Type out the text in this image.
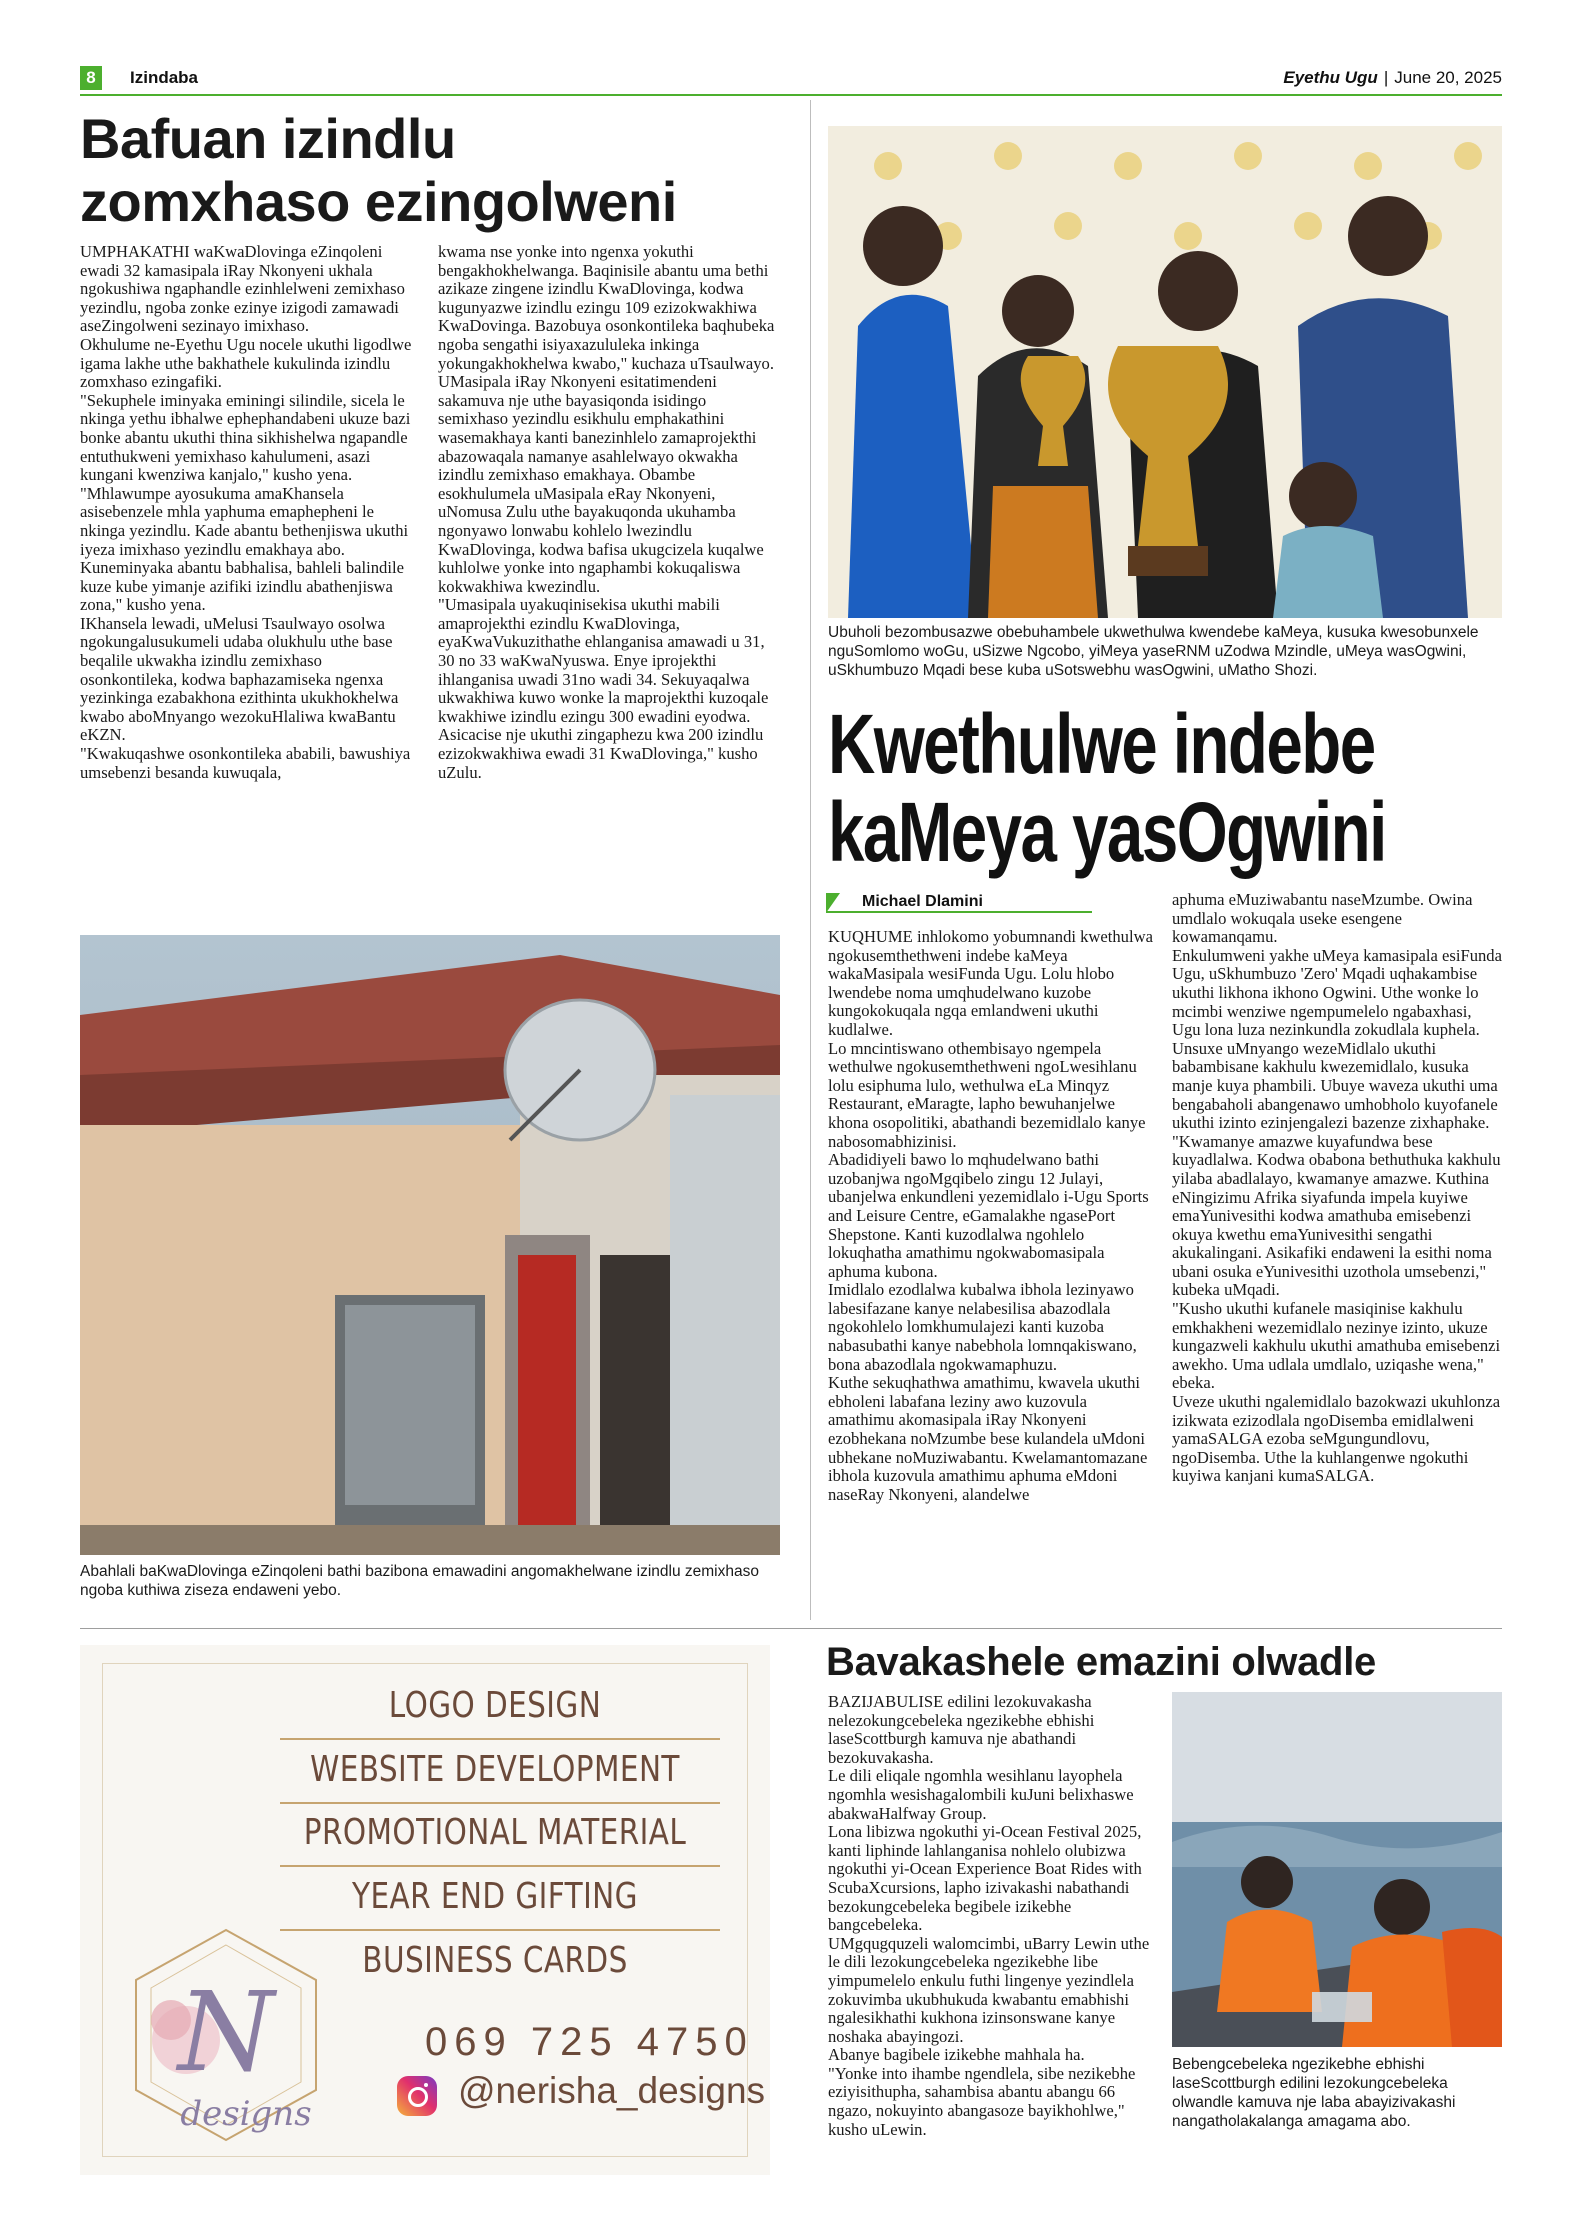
8	Izindaba	Eyethu Ugu | June 20, 2025
Bafuan izindlu
zomxhaso ezingolweni

UMPHAKATHI waKwaDlovinga eZinqoleni ewadi 32 kamasipala iRay Nkonyeni ukhala ngokushiwa ngaphandle ezinhlelweni zemixhaso yezindlu, ngoba zonke ezinye izigodi zamawadi aseZingolweni sezinayo imixhaso.

Okhulume ne-Eyethu Ugu nocele ukuthi ligodlwe igama lakhe uthe bakhathele kukulinda izindlu zomxhaso ezingafiki.

"Sekuphele iminyaka eminingi silindile, sicela le nkinga yethu ibhalwe ephephandabeni ukuze bazi bonke abantu ukuthi thina sikhishelwa ngapandle entuthukweni yemixhaso kahulumeni, asazi kungani kwenziwa kanjalo," kusho yena.

"Mhlawumpe ayosukuma amaKhansela asisebenzele mhla yaphuma emaphepheni le nkinga yezindlu. Kade abantu bethenjiswa ukuthi iyeza imixhaso yezindlu emakhaya abo. Kuneminyaka abantu babhalisa, bahleli balindile kuze kube yimanje azifiki izindlu abathenjiswa zona," kusho yena.

IKhansela lewadi, uMelusi Tsaulwayo osolwa ngokungalusukumeli udaba olukhulu uthe base beqalile ukwakha izindlu zemixhaso osonkontileka, kodwa baphazamiseka ngenxa yezinkinga ezabakhona ezithinta ukukhokhelwa kwabo aboMnyango wezokuHlaliwa kwaBantu eKZN.

"Kwakuqashwe osonkontileka ababili, bawushiya umsebenzi besanda kuwuqala,

kwama nse yonke into ngenxa yokuthi bengakhokhelwanga. Baqinisile abantu uma bethi azikaze zingene izindlu KwaDlovinga, kodwa kugunyazwe izindlu ezingu 109 ezizokwakhiwa KwaDovinga. Bazobuya osonkontileka baqhubeka ngoba sengathi isiyaxazululeka inkinga yokungakhokhelwa kwabo," kuchaza uTsaulwayo.

UMasipala iRay Nkonyeni esitatimendeni sakamuva nje uthe bayasiqonda isidingo semixhaso yezindlu esikhulu emphakathini wasemakhaya kanti banezinhlelo zamaprojekthi abazowaqala namanye asahlelwayo okwakha izindlu zemixhaso emakhaya. Obambe esokhulumela uMasipala eRay Nkonyeni, uNomusa Zulu uthe bayakuqonda ukuhamba ngonyawo lonwabu kohlelo lwezindlu KwaDlovinga, kodwa bafisa ukugcizela kuqalwe kuhlolwe yonke into ngaphambi kokuqaliswa kokwakhiwa kwezindlu.

"Umasipala uyakuqinisekisa ukuthi mabili amaprojekthi ezindlu KwaDlovinga, eyaKwaVukuzithathe ehlanganisa amawadi u 31, 30 no 33 waKwaNyuswa. Enye iprojekthi ihlanganisa uwadi 31no wadi 34. Sekuyaqalwa ukwakhiwa kuwo wonke la maprojekthi kuzoqale kwakhiwe izindlu ezingu 300 ewadini eyodwa. Asicacise nje ukuthi zingaphezu kwa 200 izindlu ezizokwakhiwa ewadi 31 KwaDlovinga," kusho uZulu.

Abahlali baKwaDlovinga eZinqoleni bathi bazibona emawadini angomakhelwane izindlu zemixhaso ngoba kuthiwa ziseza endaweni yebo.
Ubuholi bezombusazwe obebuhambele ukwethulwa kwendebe kaMeya, kusuka kwesobunxele nguSomlomo woGu, uSizwe Ngcobo, yiMeya yaseRNM uZodwa Mzindle, uMeya wasOgwini, uSkhumbuzo Mqadi bese kuba uSotswebhu wasOgwini, uMatho Shozi.
Kwethulwe indebe
kaMeya yasOgwini
Michael Dlamini

KUQHUME inhlokomo yobumnandi kwethulwa ngokusemthethweni indebe kaMeya wakaMasipala wesiFunda Ugu. Lolu hlobo lwendebe noma umqhudelwano kuzobe kungokokuqala ngqa emlandweni ukuthi kudlalwe.

Lo mncintiswano othembisayo ngempela wethulwe ngokusemthethweni ngoLwesihlanu lolu esiphuma lulo, wethulwa eLa Minqyz Restaurant, eMaragte, lapho bewuhanjelwe khona osopolitiki, abathandi bezemidlalo kanye nabosomabhizinisi.

Abadidiyeli bawo lo mqhudelwano bathi uzobanjwa ngoMgqibelo zingu 12 Julayi, ubanjelwa enkundleni yezemidlalo i-Ugu Sports and Leisure Centre, eGamalakhe ngasePort Shepstone. Kanti kuzodlalwa ngohlelo lokuqhatha amathimu ngokwabomasipala aphuma kubona.

Imidlalo ezodlalwa kubalwa ibhola lezinyawo labesifazane kanye nelabesilisa abazodlala ngokohlelo lomkhumulajezi kanti kuzoba nabasubathi kanye nabebhola lomnqakiswano, bona abazodlala ngokwamaphuzu.

Kuthe sekuqhathwa amathimu, kwavela ukuthi ebholeni labafana leziny awo kuzovula amathimu akomasipala iRay Nkonyeni ezobhekana noMzumbe bese kulandela uMdoni ubhekane noMuziwabantu. Kwelamantomazane ibhola kuzovula amathimu aphuma eMdoni naseRay Nkonyeni, alandelwe

aphuma eMuziwabantu naseMzumbe. Owina umdlalo wokuqala useke esengene kowamanqamu.

Enkulumweni yakhe uMeya kamasipala esiFunda Ugu, uSkhumbuzo 'Zero' Mqadi uqhakambise ukuthi likhona ikhono Ogwini. Uthe wonke lo mcimbi wenziwe ngempumelelo ngabaxhasi, Ugu lona luza nezinkundla zokudlala kuphela.

Unsuxe uMnyango wezeMidlalo ukuthi babambisane kakhulu kwezemidlalo, kusuka manje kuya phambili. Ubuye waveza ukuthi uma bengabaholi abangenawo umhobholo kuyofanele ukuthi izinto ezinjengalezi bazenze zixhaphake.

"Kwamanye amazwe kuyafundwa bese kuyadlalwa. Kodwa obabona bethuthuka kakhulu yilaba abadlalayo, kwamanye amazwe. Kuthina eNingizimu Afrika siyafunda impela kuyiwe emaYunivesithi kodwa amathuba emisebenzi okuya kwethu emaYunivesithi sengathi akukalingani. Asikafiki endaweni la esithi noma ubani osuka eYunivesithi uzothola umsebenzi," kubeka uMqadi.

"Kusho ukuthi kufanele masiqinise kakhulu emkhakheni wezemidlalo nezinye izinto, ukuze kungazweli kakhulu ukuthi amathuba emisebenzi awekho. Uma udlala umdlalo, uziqashe wena," ebeka.

Uveze ukuthi ngalemidlalo bazokwazi ukuhlonza izikwata ezizodlala ngoDisemba emidlalweni yamaSALGA ezoba seMgungundlovu, ngoDisemba. Uthe la kuhlangenwe ngokuthi kuyiwa kanjani kumaSALGA.

LOGO DESIGN
WEBSITE DEVELOPMENT
PROMOTIONAL MATERIAL
YEAR END GIFTING
BUSINESS CARDS
N
designs
069 725 4750
@nerisha_designs
Bavakashele emazini olwadle

BAZIJABULISE edilini lezokuvakasha nelezokungcebeleka ngezikebhe ebhishi laseScottburgh kamuva nje abathandi bezokuvakasha.

Le dili eliqale ngomhla wesihlanu layophela ngomhla wesishagalombili kuJuni belixhaswe abakwaHalfway Group.

Lona libizwa ngokuthi yi-Ocean Festival 2025, kanti liphinde lahlanganisa nohlelo olubizwa ngokuthi yi-Ocean Experience Boat Rides with ScubaXcursions, lapho izivakashi nabathandi bezokungcebeleka begibele izikebhe bangcebeleka.

UMgqugquzeli walomcimbi, uBarry Lewin uthe le dili lezokungcebeleka ngezikebhe libe yimpumelelo enkulu futhi lingenye yezindlela zokuvimba ukubhukuda kwabantu emabhishi ngalesikhathi kukhona izinsonswane kanye noshaka abayingozi.

Abanye bagibele izikebhe mahhala ha.

"Yonke into ihambe ngendlela, sibe nezikebhe eziyisithupha, sahambisa abantu abangu 66 ngazo, nokuyinto abangasoze bayikhohlwe," kusho uLewin.

Bebengcebeleka ngezikebhe ebhishi laseScottburgh edilini lezokungcebeleka olwandle kamuva nje laba abayizivakashi nangatholakalanga amagama abo.
